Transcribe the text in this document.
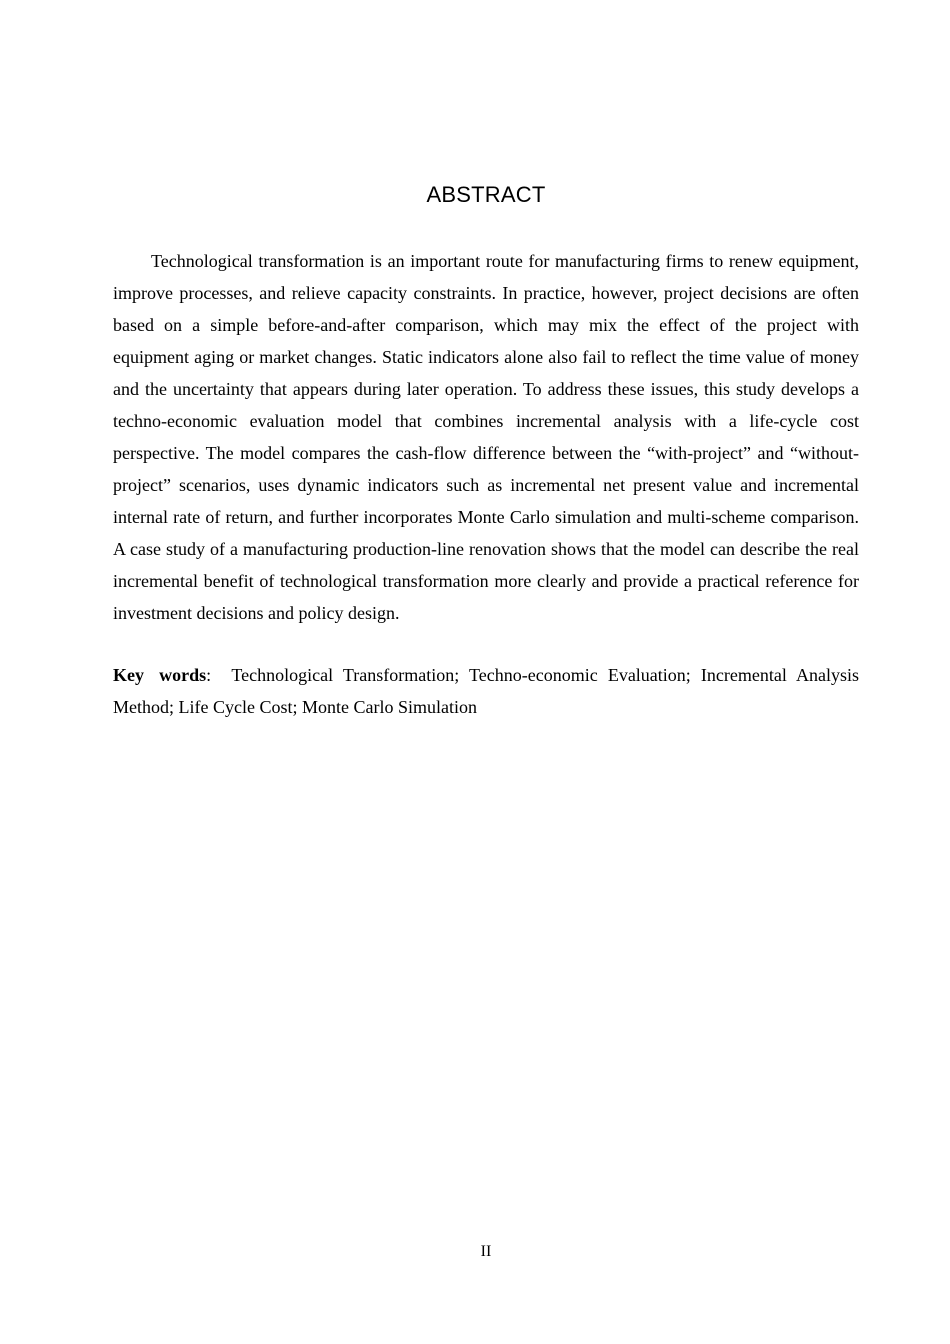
ABSTRACT

Technological transformation is an important route for manufacturing firms to renew equipment, improve processes, and relieve capacity constraints. In practice, however, project decisions are often based on a simple before-and-after comparison, which may mix the effect of the project with equipment aging or market changes. Static indicators alone also fail to reflect the time value of money and the uncertainty that appears during later operation. To address these issues, this study develops a techno-economic evaluation model that combines incremental analysis with a life-cycle cost perspective. The model compares the cash-flow difference between the “with-project” and “without-project” scenarios, uses dynamic indicators such as incremental net present value and incremental internal rate of return, and further incorporates Monte Carlo simulation and multi-scheme comparison. A case study of a manufacturing production-line renovation shows that the model can describe the real incremental benefit of technological transformation more clearly and provide a practical reference for investment decisions and policy design.

Key words: Technological Transformation; Techno-economic Evaluation; Incremental Analysis Method; Life Cycle Cost; Monte Carlo Simulation

II
